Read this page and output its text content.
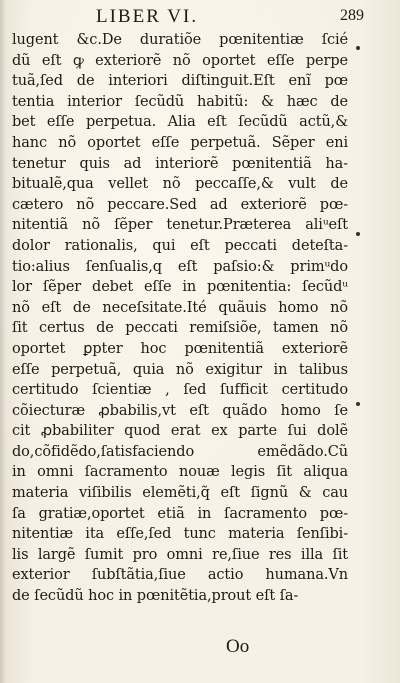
LIBER VI.	289
lugent &c.De duratiõe pœnitentiæ ſcié
dũ eſt ꝙ exteriorẽ nõ oportet eſſe perpe
tuã,ſed de interiori diſtinguit.Eſt enĩ pœ
tentia interior ſecũdũ habitũ: & hæc de
bet eſſe perpetua. Alia eſt ſecũdũ actũ,&
hanc nõ oportet eſſe perpetuã. Sẽper eni
tenetur quis ad interiorẽ pœnitentiã ha-
bitualẽ,qua vellet nõ peccaſſe,& vult de
cætero nõ peccare.Sed ad exteriorẽ pœ-
nitentiã nõ ſẽper tenetur.Præterea aliᵘeſt
dolor rationalis, qui eſt peccati deteſta-
tio:alius ſenſualis,q eſt paſsio:& primᵘdo
lor ſẽper debet eſſe in pœnitentia: ſecũdᵘ
nõ eſt de neceſsitate.Ité quãuis homo nõ
ſit certus de peccati remiſsiõe, tamen nõ
oportet ꝑpter hoc pœnitentiã exteriorẽ
eſſe perpetuã, quia nõ exigitur in talibus
certitudo ſcientiæ , ſed ſufficit certitudo
cõiecturæ ꝓbabilis,vt eſt quãdo homo ſe
cit ꝓbabiliter quod erat ex parte ſui dolẽ
do,cõfidẽdo,ſatisfaciendo emẽdãdo.Cũ
in omni ſacramento nouæ legis ſit aliqua
materia viſibilis elemẽti,q̃ eſt ſignũ & cau
ſa gratiæ,oportet etiã in ſacramento pœ-
nitentiæ ita eſſe,ſed tunc materia ſenſibi-
lis largẽ ſumit pro omni re,ſiue res illa ſit
exterior ſubſtãtia,ſiue actio humana.Vn
de ſecũdũ hoc in pœnitẽtia,prout eſt ſa-
Oo
